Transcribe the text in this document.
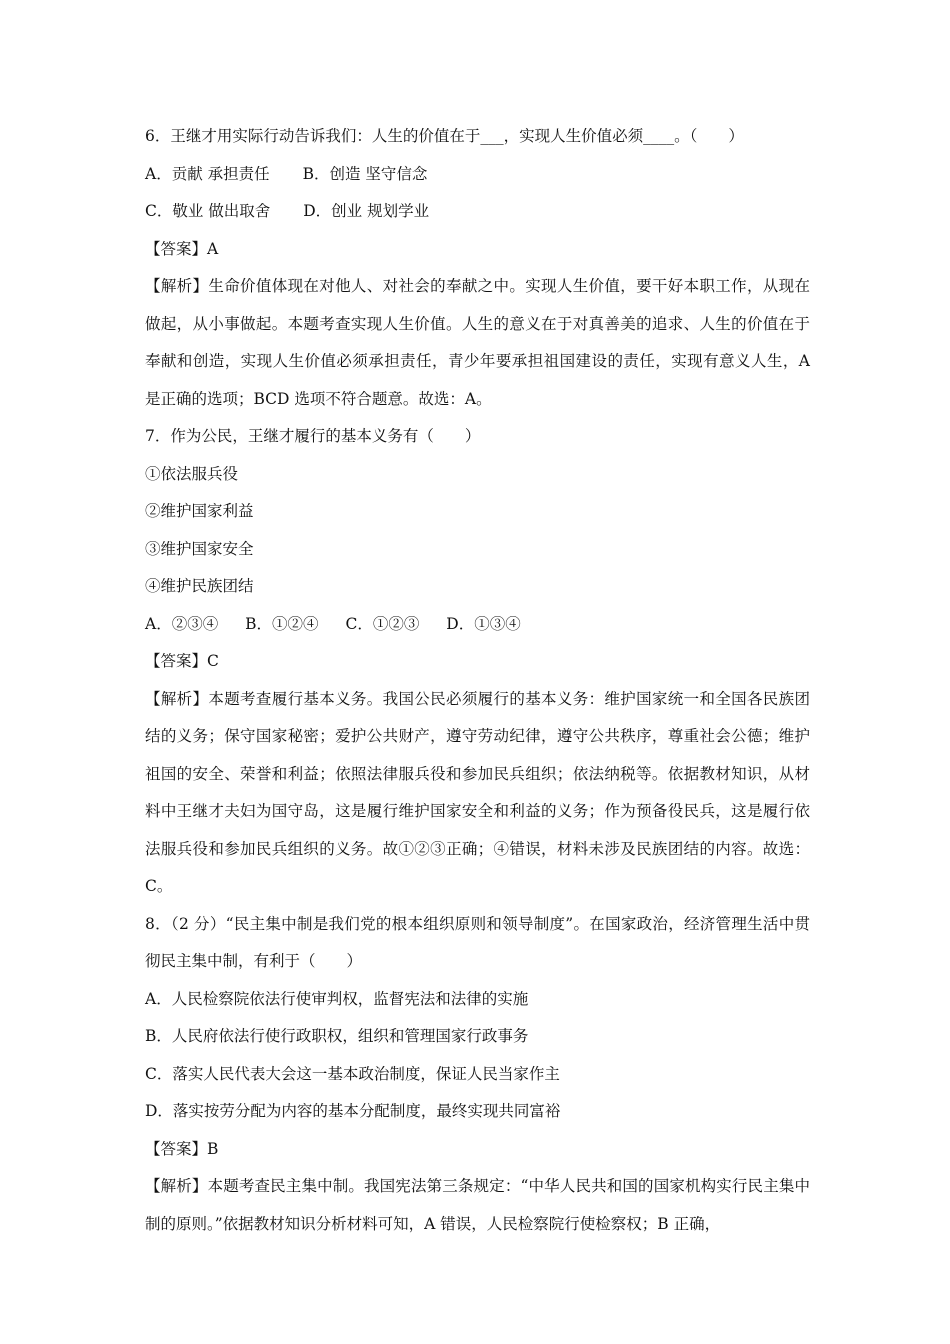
6．王继才用实际行动告诉我们：人生的价值在于___，实现人生价值必须____。（　　）
A．贡献 承担责任 B．创造 坚守信念
C．敬业 做出取舍 D．创业 规划学业
【答案】A
【解析】生命价值体现在对他人、对社会的奉献之中。实现人生价值，要干好本职工作，从现在做起，从小事做起。本题考查实现人生价值。人生的意义在于对真善美的追求、人生的价值在于奉献和创造，实现人生价值必须承担责任，青少年要承担祖国建设的责任，实现有意义人生，A 是正确的选项；BCD 选项不符合题意。故选：A。
7．作为公民，王继才履行的基本义务有（　　）
①依法服兵役
②维护国家利益
③维护国家安全
④维护民族团结
A．②③④ B．①②④ C．①②③ D．①③④
【答案】C
【解析】本题考查履行基本义务。我国公民必须履行的基本义务：维护国家统一和全国各民族团结的义务；保守国家秘密；爱护公共财产，遵守劳动纪律，遵守公共秩序，尊重社会公德；维护祖国的安全、荣誉和利益；依照法律服兵役和参加民兵组织；依法纳税等。依据教材知识，从材料中王继才夫妇为国守岛，这是履行维护国家安全和利益的义务；作为预备役民兵，这是履行依法服兵役和参加民兵组织的义务。故①②③正确；④错误，材料未涉及民族团结的内容。故选：C。
8．（2 分）“民主集中制是我们党的根本组织原则和领导制度”。在国家政治，经济管理生活中贯彻民主集中制，有利于（　　）
A．人民检察院依法行使审判权，监督宪法和法律的实施
B．人民府依法行使行政职权，组织和管理国家行政事务
C．落实人民代表大会这一基本政治制度，保证人民当家作主
D．落实按劳分配为内容的基本分配制度，最终实现共同富裕
【答案】B
【解析】本题考查民主集中制。我国宪法第三条规定：“中华人民共和国的国家机构实行民主集中制的原则。”依据教材知识分析材料可知，A 错误，人民检察院行使检察权；B 正确，
